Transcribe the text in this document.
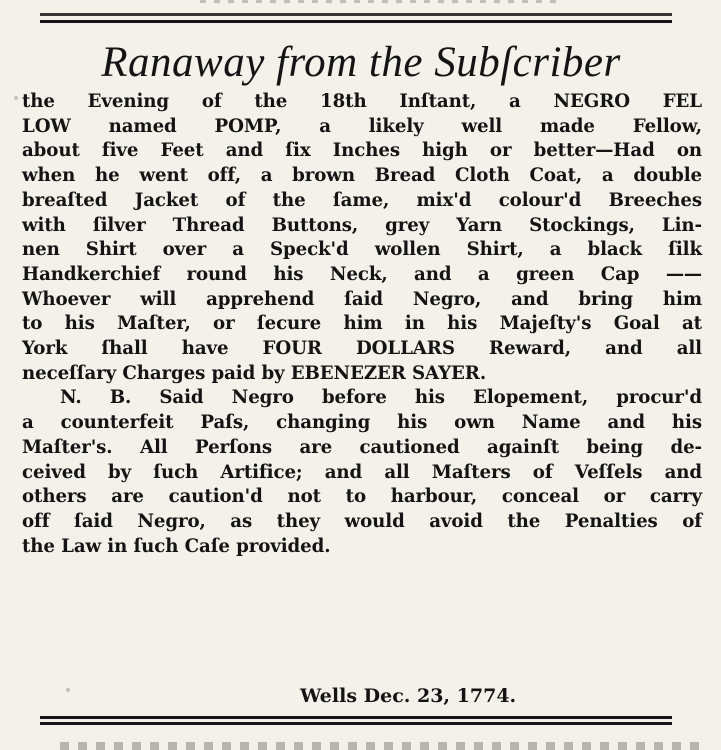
Ranaway from the Subſcriber
the Evening of the 18th Inſtant, a NEGRO FEL
LOW named POMP, a likely well made Fellow,
about five Feet and ſix Inches high or better—Had on
when he went off, a brown Bread Cloth Coat, a double
breaſted Jacket of the ſame, mix'd colour'd Breeches
with ſilver Thread Buttons, grey Yarn Stockings, Lin-
nen Shirt over a Speck'd wollen Shirt, a black ſilk
Handkerchief round his Neck, and a green Cap ——
Whoever will apprehend ſaid Negro, and bring him
to his Maſter, or ſecure him in his Majeſty's Goal at
York ſhall have FOUR DOLLARS Reward, and all
neceſſary Charges paid by EBENEZER SAYER.
N. B. Said Negro before his Elopement, procur'd
a counterfeit Paſs, changing his own Name and his
Maſter's. All Perſons are cautioned againſt being de-
ceived by ſuch Artifice; and all Maſters of Veſſels and
others are caution'd not to harbour, conceal or carry
off ſaid Negro, as they would avoid the Penalties of
the Law in ſuch Caſe provided.
Wells Dec. 23, 1774.
